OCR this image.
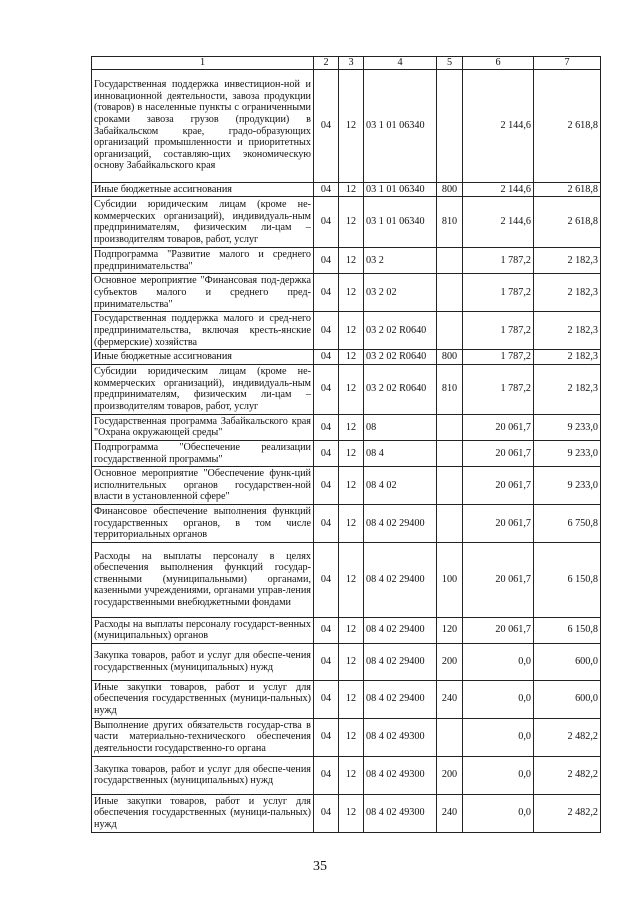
1	2	3	4	5	6	7
Государственная поддержка инвестицион-ной и инновационной деятельности, завоза продукции (товаров) в населенные пункты с ограниченными сроками завоза грузов (продукции) в Забайкальском крае, градо-образующих организаций промышленности и приоритетных организаций, составляю-щих экономическую основу Забайкальского края	04	12	03 1 01 06340		2 144,6	2 618,8
Иные бюджетные ассигнования	04	12	03 1 01 06340	800	2 144,6	2 618,8
Субсидии юридическим лицам (кроме не-коммерческих организаций), индивидуаль-ным предпринимателям, физическим ли-цам – производителям товаров, работ, услуг	04	12	03 1 01 06340	810	2 144,6	2 618,8
Подпрограмма "Развитие малого и среднего предпринимательства"	04	12	03 2		1 787,2	2 182,3
Основное мероприятие "Финансовая под-держка субъектов малого и среднего пред-принимательства"	04	12	03 2 02		1 787,2	2 182,3
Государственная поддержка малого и сред-него предпринимательства, включая кресть-янские (фермерские) хозяйства	04	12	03 2 02 R0640		1 787,2	2 182,3
Иные бюджетные ассигнования	04	12	03 2 02 R0640	800	1 787,2	2 182,3
Субсидии юридическим лицам (кроме не-коммерческих организаций), индивидуаль-ным предпринимателям, физическим ли-цам – производителям товаров, работ, услуг	04	12	03 2 02 R0640	810	1 787,2	2 182,3
Государственная программа Забайкальского края "Охрана окружающей среды"	04	12	08		20 061,7	9 233,0
Подпрограмма "Обеспечение реализации государственной программы"	04	12	08 4		20 061,7	9 233,0
Основное мероприятие "Обеспечение функ-ций исполнительных органов государствен-ной власти в установленной сфере"	04	12	08 4 02		20 061,7	9 233,0
Финансовое обеспечение выполнения функций государственных органов, в том числе территориальных органов	04	12	08 4 02 29400		20 061,7	6 750,8
Расходы на выплаты персоналу в целях обеспечения выполнения функций государ-ственными (муниципальными) органами, казенными учреждениями, органами управ-ления государственными внебюджетными фондами	04	12	08 4 02 29400	100	20 061,7	6 150,8
Расходы на выплаты персоналу государст-венных (муниципальных) органов	04	12	08 4 02 29400	120	20 061,7	6 150,8
Закупка товаров, работ и услуг для обеспе-чения государственных (муниципальных) нужд	04	12	08 4 02 29400	200	0,0	600,0
Иные закупки товаров, работ и услуг для обеспечения государственных (муници-пальных) нужд	04	12	08 4 02 29400	240	0,0	600,0
Выполнение других обязательств государ-ства в части материально-технического обеспечения деятельности государственно-го органа	04	12	08 4 02 49300		0,0	2 482,2
Закупка товаров, работ и услуг для обеспе-чения государственных (муниципальных) нужд	04	12	08 4 02 49300	200	0,0	2 482,2
Иные закупки товаров, работ и услуг для обеспечения государственных (муници-пальных) нужд	04	12	08 4 02 49300	240	0,0	2 482,2
35
